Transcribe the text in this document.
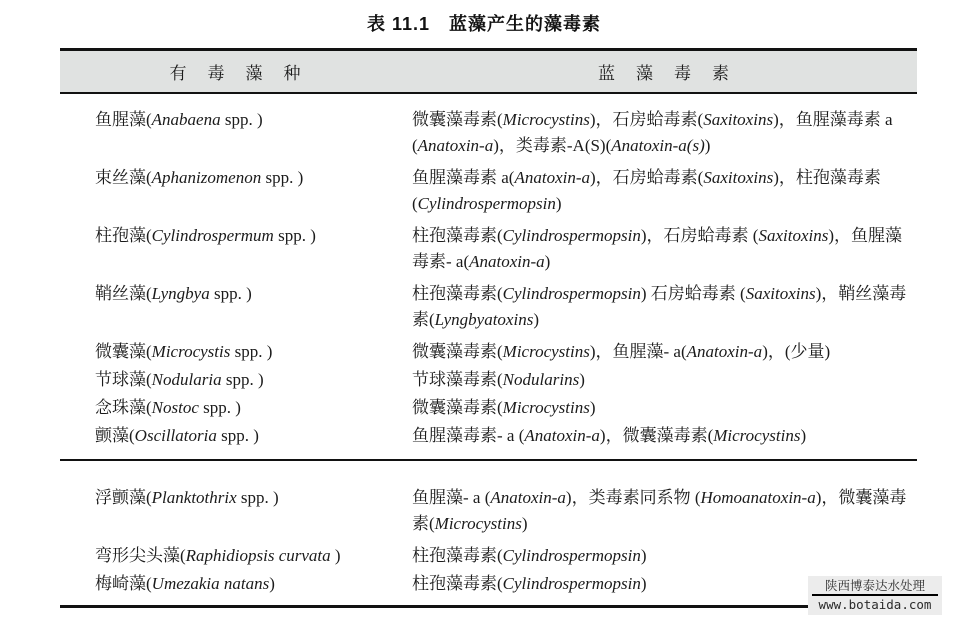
表 11.1　蓝藻产生的藻毒素
有　毒　藻　种	蓝　藻　毒　素
鱼腥藻(Anabaena spp. )	微囊藻毒素(Microcystins)，石房蛤毒素(Saxitoxins)，鱼腥藻毒素 a (Anatoxin-a)，类毒素-A(S)(Anatoxin-a(s))
束丝藻(Aphanizomenon spp. )	鱼腥藻毒素 a(Anatoxin-a)，石房蛤毒素(Saxitoxins)，柱孢藻毒素(Cylindrospermopsin)
柱孢藻(Cylindrospermum spp. )	柱孢藻毒素(Cylindrospermopsin)，石房蛤毒素 (Saxitoxins)，鱼腥藻毒素- a(Anatoxin-a)
鞘丝藻(Lyngbya spp. )	柱孢藻毒素(Cylindrospermopsin) 石房蛤毒素 (Saxitoxins)，鞘丝藻毒素(Lyngbyatoxins)
微囊藻(Microcystis spp. )	微囊藻毒素(Microcystins)，鱼腥藻- a(Anatoxin-a)，(少量)
节球藻(Nodularia spp. )	节球藻毒素(Nodularins)
念珠藻(Nostoc spp. )	微囊藻毒素(Microcystins)
颤藻(Oscillatoria spp. )	鱼腥藻毒素- a (Anatoxin-a)，微囊藻毒素(Microcystins)
浮颤藻(Planktothrix spp. )	鱼腥藻- a (Anatoxin-a)，类毒素同系物 (Homoanatoxin-a)，微囊藻毒素(Microcystins)
弯形尖头藻(Raphidiopsis curvata )	柱孢藻毒素(Cylindrospermopsin)
梅崎藻(Umezakia natans)	柱孢藻毒素(Cylindrospermopsin)	陕西博泰达水处理
www.botaida.com
